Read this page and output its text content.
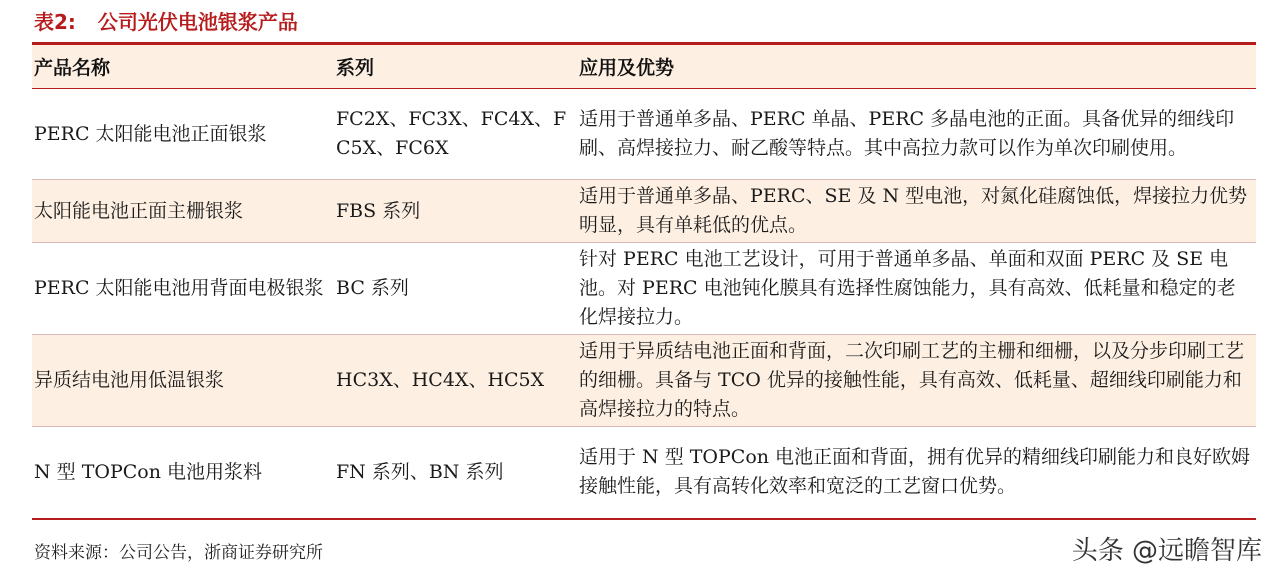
表2: 公司光伏电池银浆产品
产品名称	系列	应用及优势
PERC 太阳能电池正面银浆	FC2X、FC3X、FC4X、FC5X、FC6X	适用于普通单多晶、PERC 单晶、PERC 多晶电池的正面。具备优异的细线印刷、高焊接拉力、耐乙酸等特点。其中高拉力款可以作为单次印刷使用。
太阳能电池正面主栅银浆	FBS 系列	适用于普通单多晶、PERC、SE 及 N 型电池，对氮化硅腐蚀低，焊接拉力优势明显，具有单耗低的优点。
PERC 太阳能电池用背面电极银浆	BC 系列	针对 PERC 电池工艺设计，可用于普通单多晶、单面和双面 PERC 及 SE 电池。对 PERC 电池钝化膜具有选择性腐蚀能力，具有高效、低耗量和稳定的老化焊接拉力。
异质结电池用低温银浆	HC3X、HC4X、HC5X	适用于异质结电池正面和背面，二次印刷工艺的主栅和细栅，以及分步印刷工艺的细栅。具备与 TCO 优异的接触性能，具有高效、低耗量、超细线印刷能力和高焊接拉力的特点。
N 型 TOPCon 电池用浆料	FN 系列、BN 系列	适用于 N 型 TOPCon 电池正面和背面，拥有优异的精细线印刷能力和良好欧姆接触性能，具有高转化效率和宽泛的工艺窗口优势。
资料来源：公司公告，浙商证券研究所	头条 @远瞻智库
